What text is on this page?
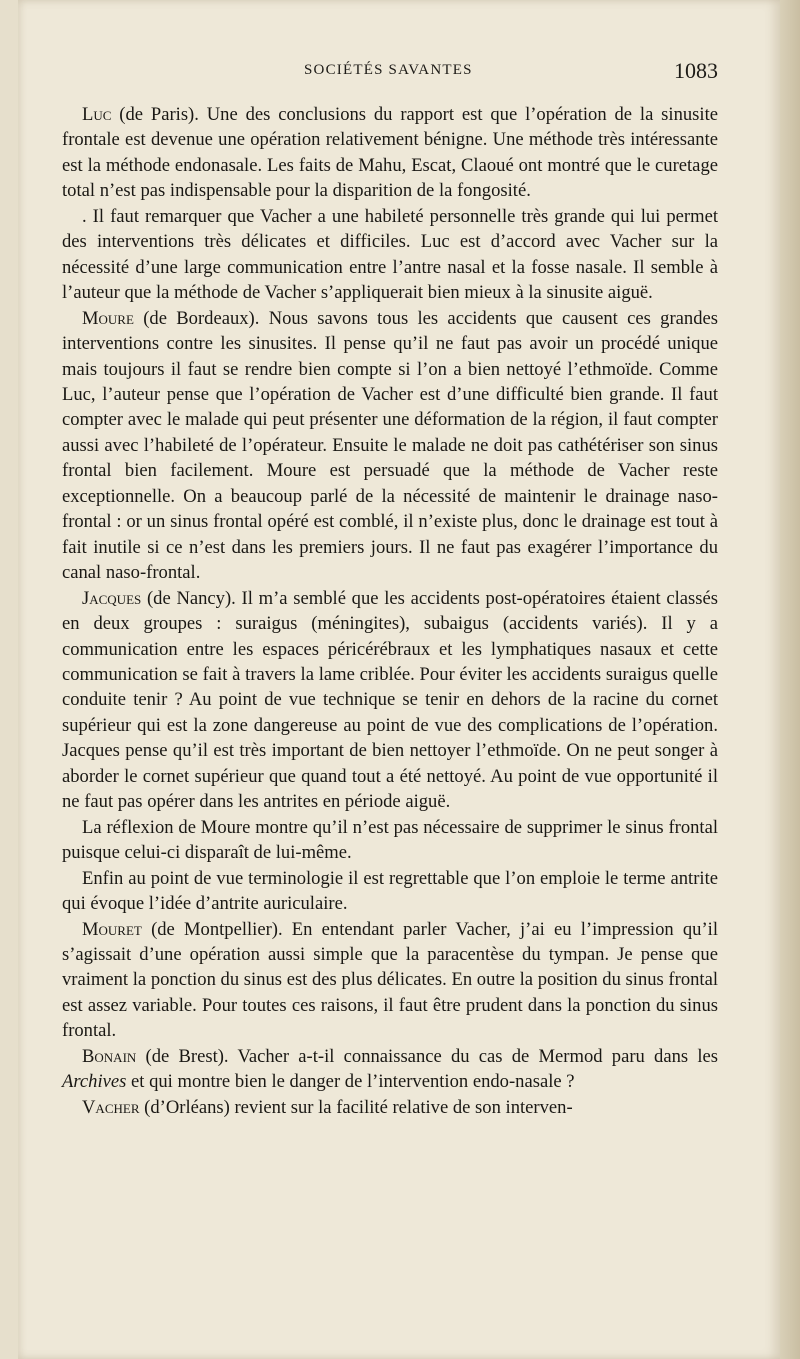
SOCIÉTÉS SAVANTES	1083

Luc (de Paris). Une des conclusions du rapport est que l’opération de la sinusite frontale est devenue une opération relativement bénigne. Une méthode très intéressante est la méthode endonasale. Les faits de Mahu, Escat, Claoué ont montré que le curetage total n’est pas indispensable pour la disparition de la fongosité.

. Il faut remarquer que Vacher a une habileté personnelle très grande qui lui permet des interventions très délicates et difficiles. Luc est d’accord avec Vacher sur la nécessité d’une large communication entre l’antre nasal et la fosse nasale. Il semble à l’auteur que la méthode de Vacher s’appliquerait bien mieux à la sinusite aiguë.

Moure (de Bordeaux). Nous savons tous les accidents que causent ces grandes interventions contre les sinusites. Il pense qu’il ne faut pas avoir un procédé unique mais toujours il faut se rendre bien compte si l’on a bien nettoyé l’ethmoïde. Comme Luc, l’auteur pense que l’opération de Vacher est d’une difficulté bien grande. Il faut compter avec le malade qui peut présenter une déformation de la région, il faut compter aussi avec l’habileté de l’opérateur. Ensuite le malade ne doit pas cathétériser son sinus frontal bien facilement. Moure est persuadé que la méthode de Vacher reste exceptionnelle. On a beaucoup parlé de la nécessité de maintenir le drainage naso-frontal : or un sinus frontal opéré est comblé, il n’existe plus, donc le drainage est tout à fait inutile si ce n’est dans les premiers jours. Il ne faut pas exagérer l’importance du canal naso-frontal.

Jacques (de Nancy). Il m’a semblé que les accidents post-opératoires étaient classés en deux groupes : suraigus (méningites), subaigus (accidents variés). Il y a communication entre les espaces péricérébraux et les lymphatiques nasaux et cette communication se fait à travers la lame criblée. Pour éviter les accidents suraigus quelle conduite tenir ? Au point de vue technique se tenir en dehors de la racine du cornet supérieur qui est la zone dangereuse au point de vue des complications de l’opération. Jacques pense qu’il est très important de bien nettoyer l’ethmoïde. On ne peut songer à aborder le cornet supérieur que quand tout a été nettoyé. Au point de vue opportunité il ne faut pas opérer dans les antrites en période aiguë.

La réflexion de Moure montre qu’il n’est pas nécessaire de supprimer le sinus frontal puisque celui-ci disparaît de lui-même.

Enfin au point de vue terminologie il est regrettable que l’on emploie le terme antrite qui évoque l’idée d’antrite auriculaire.

Mouret (de Montpellier). En entendant parler Vacher, j’ai eu l’impression qu’il s’agissait d’une opération aussi simple que la paracentèse du tympan. Je pense que vraiment la ponction du sinus est des plus délicates. En outre la position du sinus frontal est assez variable. Pour toutes ces raisons, il faut être prudent dans la ponction du sinus frontal.

Bonain (de Brest). Vacher a-t-il connaissance du cas de Mermod paru dans les Archives et qui montre bien le danger de l’intervention endo-nasale ?

Vacher (d’Orléans) revient sur la facilité relative de son interven-
